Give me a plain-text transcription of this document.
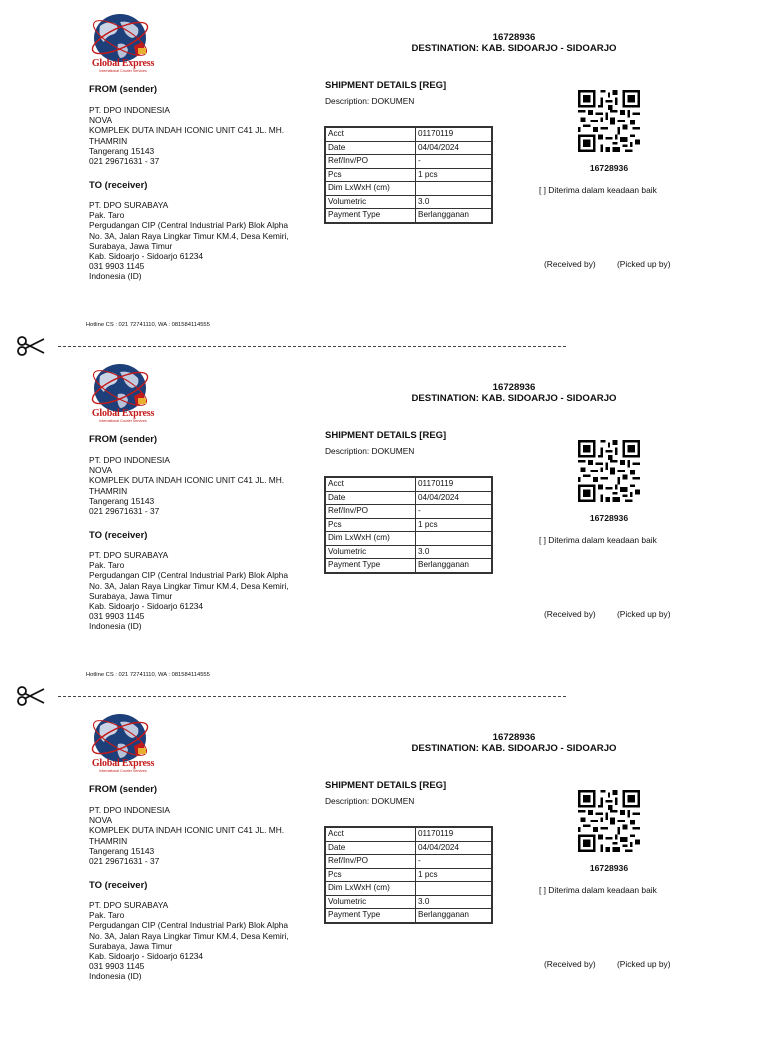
Global Express
International Courier Services
16728936
DESTINATION: KAB. SIDOARJO - SIDOARJO
FROM (sender)
PT. DPO INDONESIA
NOVA
KOMPLEK DUTA INDAH ICONIC UNIT C41 JL. MH.
THAMRIN
Tangerang 15143
021 29671631 - 37
TO (receiver)
PT. DPO SURABAYA
Pak. Taro
Pergudangan CIP (Central Industrial Park) Blok Alpha
No. 3A, Jalan Raya Lingkar Timur KM.4, Desa Kemiri,
Surabaya, Jawa Timur
Kab. Sidoarjo - Sidoarjo 61234
031 9903 1145
Indonesia (ID)
SHIPMENT DETAILS [REG]
Description: DOKUMEN
Acct	01170119
Date	04/04/2024
Ref/Inv/PO	-
Pcs	1 pcs
Dim LxWxH (cm)	
Volumetric	3.0
Payment Type	Berlangganan
16728936
[ ] Diterima dalam keadaan baik
(Received by)	(Picked up by)
Hotline CS : 021 72741110, WA : 081584114555
Global Express
International Courier Services
16728936
DESTINATION: KAB. SIDOARJO - SIDOARJO
FROM (sender)
PT. DPO INDONESIA
NOVA
KOMPLEK DUTA INDAH ICONIC UNIT C41 JL. MH.
THAMRIN
Tangerang 15143
021 29671631 - 37
TO (receiver)
PT. DPO SURABAYA
Pak. Taro
Pergudangan CIP (Central Industrial Park) Blok Alpha
No. 3A, Jalan Raya Lingkar Timur KM.4, Desa Kemiri,
Surabaya, Jawa Timur
Kab. Sidoarjo - Sidoarjo 61234
031 9903 1145
Indonesia (ID)
SHIPMENT DETAILS [REG]
Description: DOKUMEN
Acct	01170119
Date	04/04/2024
Ref/Inv/PO	-
Pcs	1 pcs
Dim LxWxH (cm)	
Volumetric	3.0
Payment Type	Berlangganan
16728936
[ ] Diterima dalam keadaan baik
(Received by)	(Picked up by)
Hotline CS : 021 72741110, WA : 081584114555
Global Express
International Courier Services
16728936
DESTINATION: KAB. SIDOARJO - SIDOARJO
FROM (sender)
PT. DPO INDONESIA
NOVA
KOMPLEK DUTA INDAH ICONIC UNIT C41 JL. MH.
THAMRIN
Tangerang 15143
021 29671631 - 37
TO (receiver)
PT. DPO SURABAYA
Pak. Taro
Pergudangan CIP (Central Industrial Park) Blok Alpha
No. 3A, Jalan Raya Lingkar Timur KM.4, Desa Kemiri,
Surabaya, Jawa Timur
Kab. Sidoarjo - Sidoarjo 61234
031 9903 1145
Indonesia (ID)
SHIPMENT DETAILS [REG]
Description: DOKUMEN
Acct	01170119
Date	04/04/2024
Ref/Inv/PO	-
Pcs	1 pcs
Dim LxWxH (cm)	
Volumetric	3.0
Payment Type	Berlangganan
16728936
[ ] Diterima dalam keadaan baik
(Received by)	(Picked up by)
